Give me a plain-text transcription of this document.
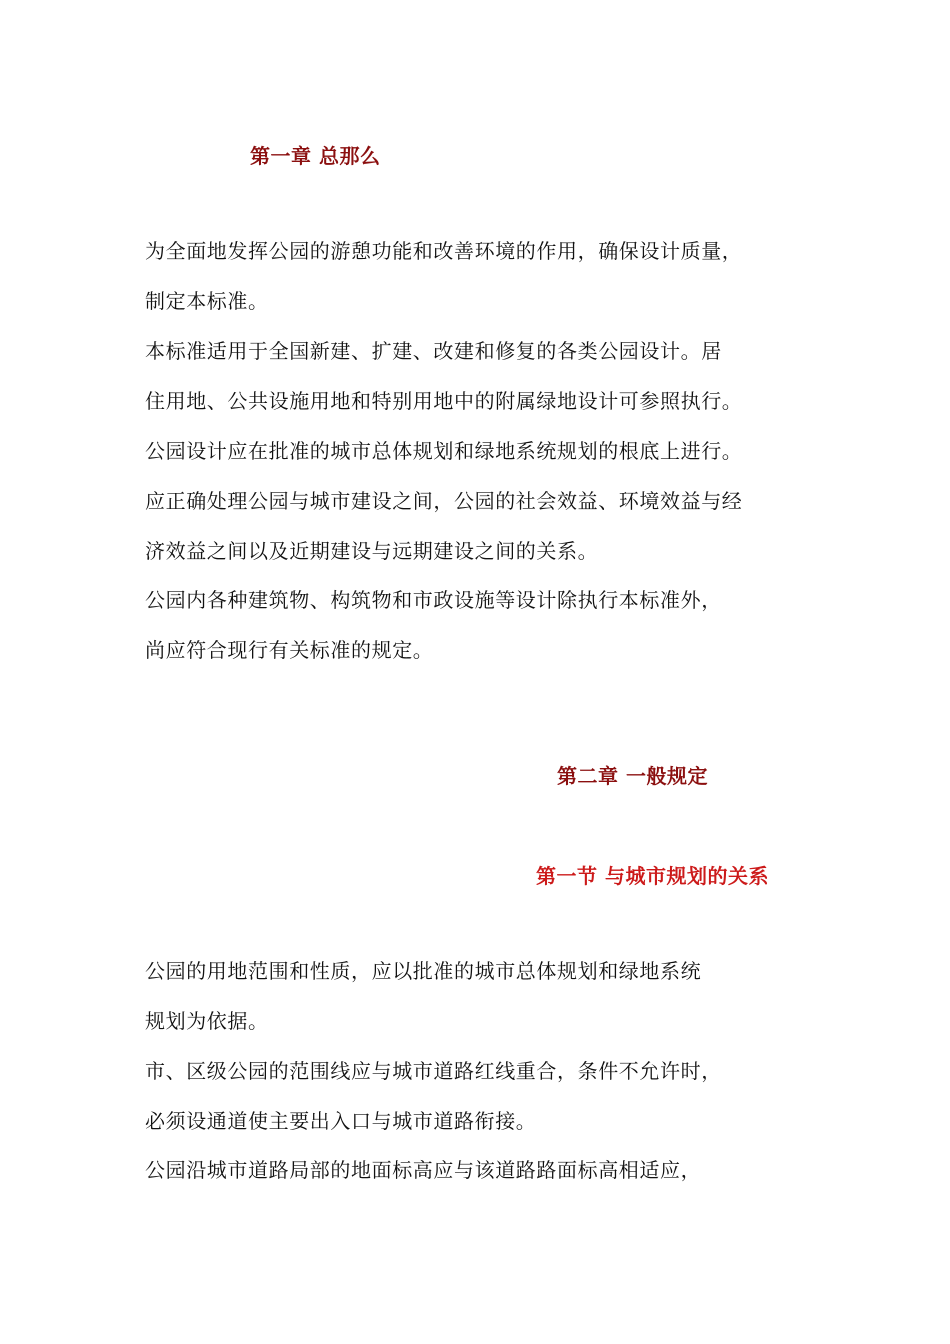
第一章 总那么
为全面地发挥公园的游憩功能和改善环境的作用，确保设计质量，
制定本标准。
本标准适用于全国新建、扩建、改建和修复的各类公园设计。居
住用地、公共设施用地和特别用地中的附属绿地设计可参照执行。
公园设计应在批准的城市总体规划和绿地系统规划的根底上进行。
应正确处理公园与城市建设之间，公园的社会效益、环境效益与经
济效益之间以及近期建设与远期建设之间的关系。
公园内各种建筑物、构筑物和市政设施等设计除执行本标准外，
尚应符合现行有关标准的规定。
第二章 一般规定
第一节 与城市规划的关系
公园的用地范围和性质，应以批准的城市总体规划和绿地系统
规划为依据。
市、区级公园的范围线应与城市道路红线重合，条件不允许时，
必须设通道使主要出入口与城市道路衔接。
公园沿城市道路局部的地面标高应与该道路路面标高相适应，
